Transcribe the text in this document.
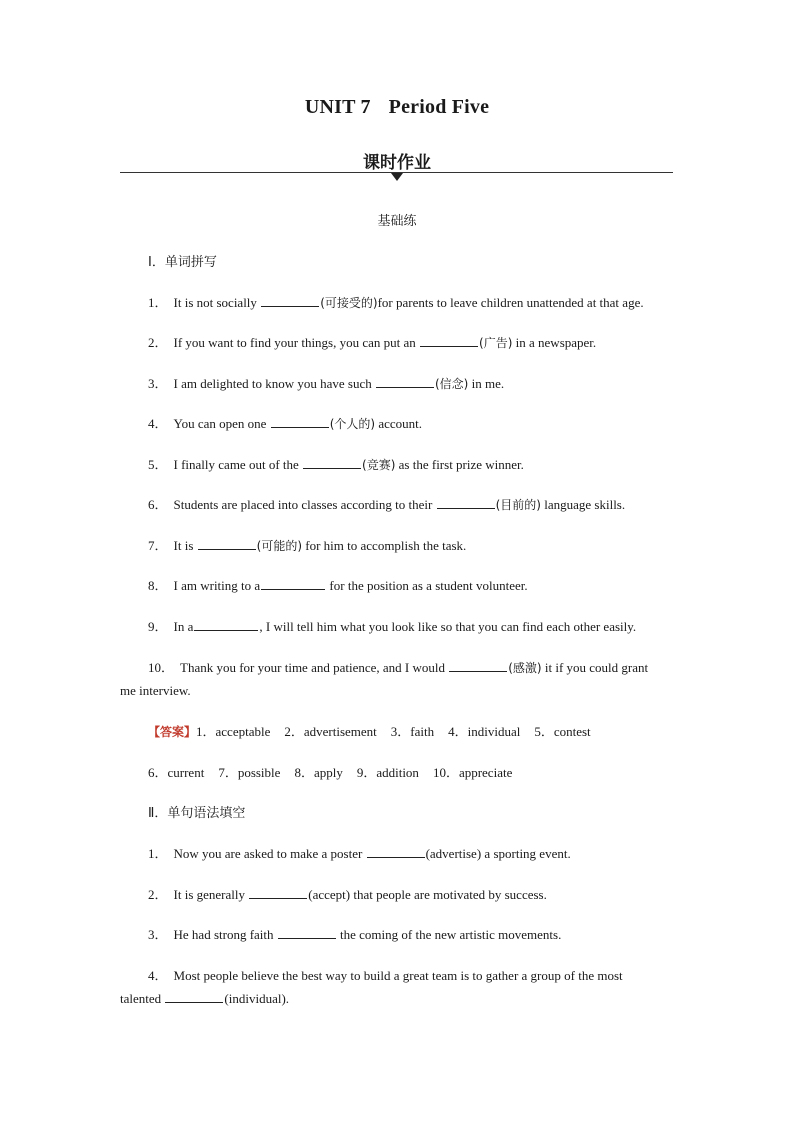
UNIT 7 Period Five
课时作业
基础练
Ⅰ．单词拼写
1． It is not socially	(可接受的)for parents to leave children unattended at that age.
2． If you want to find your things, you can put an	(广告) in a newspaper.
3． I am delighted to know you have such	(信念) in me.
4． You can open one	(个人的) account.
5． I finally came out of the	(竞赛) as the first prize winner.
6． Students are placed into classes according to their	(目前的) language skills.
7． It is	(可能的) for him to accomplish the task.
8． I am writing to a	for the position as a student volunteer.
9． In a	, I will tell him what you look like so that you can find each other easily.
10． Thank you for your time and patience, and I would	(感激) it if you could grant
me interview.
【答案】1．acceptable 2．advertisement 3．faith 4．individual 5．contest
6．current 7．possible 8．apply 9．addition 10．appreciate
Ⅱ．单句语法填空
1． Now you are asked to make a poster	(advertise) a sporting event.
2． It is generally	(accept) that people are motivated by success.
3． He had strong faith	the coming of the new artistic movements.
4． Most people believe the best way to build a great team is to gather a group of the most
talented	(individual).
